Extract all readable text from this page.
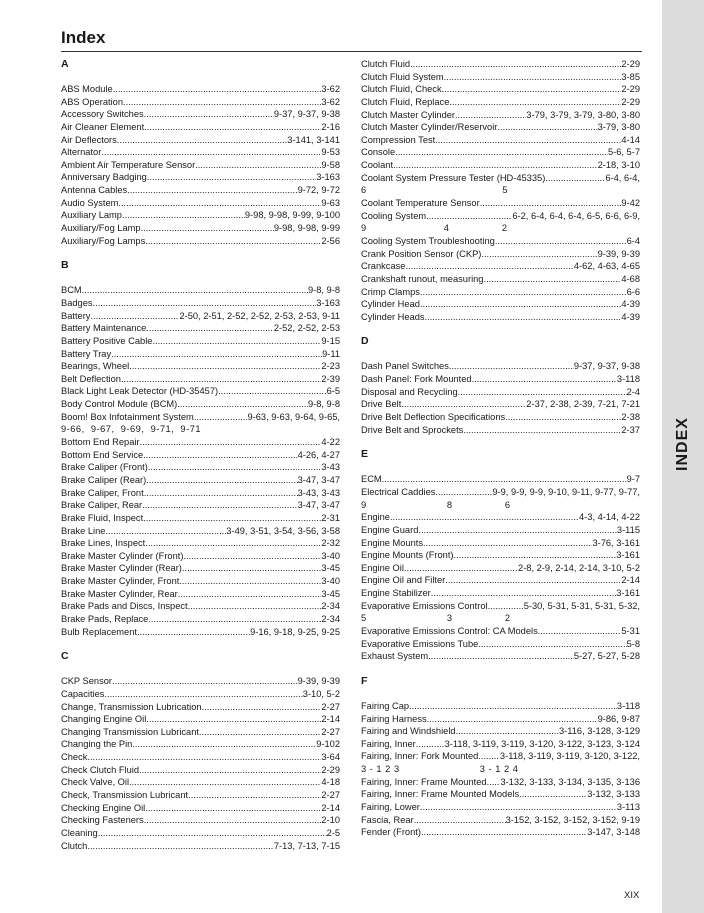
INDEX
Index
A
ABS Module .....	3-62
ABS Operation .....	3-62
Accessory Switches .....	9-37, 9-37, 9-38
Air Cleaner Element .....	2-16
Air Deflectors .....	3-141, 3-141
Alternator .....	9-53
Ambient Air Temperature Sensor .....	9-58
Anniversary Badging .....	3-163
Antenna Cables .....	9-72, 9-72
Audio System .....	9-63
Auxiliary Lamp .....	9-98, 9-98, 9-99, 9-100
Auxiliary/Fog Lamp .....	9-98, 9-98, 9-99
Auxiliary/Fog Lamps .....	2-56
B
BCM .....	9-8, 9-8
Badges .....	3-163
Battery .....	2-50, 2-51, 2-52, 2-52, 2-53, 2-53, 9-11
Battery Maintenance .....	2-52, 2-52, 2-53
Battery Positive Cable .....	9-15
Battery Tray .....	9-11
Bearings, Wheel .....	2-23
Belt Deflection .....	2-39
Black Light Leak Detector (HD-35457) .....	6-5
Body Control Module (BCM) .....	9-8, 9-8
Boom! Box Infotainment System .....	9-63, 9-63, 9-64, 9-65,
9-66,  9-67,  9-69,  9-71,  9-71
Bottom End Repair .....	4-22
Bottom End Service .....	4-26, 4-27
Brake Caliper (Front) .....	3-43
Brake Caliper (Rear) .....	3-47, 3-47
Brake Caliper, Front .....	3-43, 3-43
Brake Caliper, Rear .....	3-47, 3-47
Brake Fluid, Inspect .....	2-31
Brake Line .....	3-49, 3-51, 3-54, 3-56, 3-58
Brake Lines, Inspect .....	2-32
Brake Master Cylinder (Front) .....	3-40
Brake Master Cylinder (Rear) .....	3-45
Brake Master Cylinder, Front .....	3-40
Brake Master Cylinder, Rear .....	3-45
Brake Pads and Discs, Inspect .....	2-34
Brake Pads, Replace .....	2-34
Bulb Replacement .....	9-16, 9-18, 9-25, 9-25
C
CKP Sensor .....	9-39, 9-39
Capacities .....	3-10, 5-2
Change, Transmission Lubrication .....	2-27
Changing Engine Oil .....	2-14
Changing Transmission Lubricant .....	2-27
Changing the Pin .....	9-102
Check .....	3-64
Check Clutch Fluid .....	2-29
Check Valve, Oil .....	4-18
Check, Transmission Lubricant .....	2-27
Checking Engine Oil .....	2-14
Checking Fasteners .....	2-10
Cleaning .....	2-5
Clutch .....	7-13, 7-13, 7-15
Clutch Fluid .....	2-29
Clutch Fluid System .....	3-85
Clutch Fluid, Check .....	2-29
Clutch Fluid, Replace .....	2-29
Clutch Master Cylinder .....	3-79, 3-79, 3-79, 3-80, 3-80
Clutch Master Cylinder/Reservoir .....	3-79, 3-80
Compression Test .....	4-14
Console .....	5-6, 5-7
Coolant .....	2-18, 3-10
Coolant System Pressure Tester (HD-45335) .....	6-4, 6-4,
6                                            5
Coolant Temperature Sensor .....	9-42
Cooling System .....	6-2, 6-4, 6-4, 6-4, 6-5, 6-6, 6-9,
9                         4                 2
Cooling System Troubleshooting .....	6-4
Crank Position Sensor (CKP) .....	9-39, 9-39
Crankcase .....	4-62, 4-63, 4-65
Crankshaft runout, measuring .....	4-68
Crimp Clamps .....	6-6
Cylinder Head .....	4-39
Cylinder Heads .....	4-39
D
Dash Panel Switches .....	9-37, 9-37, 9-38
Dash Panel: Fork Mounted .....	3-118
Disposal and Recycling .....	2-4
Drive Belt .....	2-37, 2-38, 2-39, 7-21, 7-21
Drive Belt Deflection Specifications .....	2-38
Drive Belt and Sprockets .....	2-37
E
ECM .....	9-7
Electrical Caddies .....	9-9, 9-9, 9-9, 9-10, 9-11, 9-77, 9-77,
9                          8                 6
Engine .....	4-3, 4-14, 4-22
Engine Guard .....	3-115
Engine Mounts .....	3-76, 3-161
Engine Mounts (Front) .....	3-161
Engine Oil .....	2-8, 2-9, 2-14, 2-14, 3-10, 5-2
Engine Oil and Filter .....	2-14
Engine Stabilizer .....	3-161
Evaporative Emissions Control .....	5-30, 5-31, 5-31, 5-31, 5-32,
5                          3                 2
Evaporative Emissions Control: CA Models .....	5-31
Evaporative Emissions Tube .....	5-8
Exhaust System .....	5-27, 5-27, 5-28
F
Fairing Cap .....	3-118
Fairing Harness .....	9-86, 9-87
Fairing and Windshield .....	3-116, 3-128, 3-129
Fairing, Inner .....	3-118, 3-119, 3-119, 3-120, 3-122, 3-123, 3-124
Fairing, Inner: Fork Mounted ..... 3-118, 3-119, 3-119, 3-120, 3-122,
3 - 1 2 3                          3 - 1 2 4
Fairing, Inner: Frame Mounted ..... 3-132, 3-133, 3-134, 3-135, 3-136
Fairing, Inner: Frame Mounted Models .....	3-132, 3-133
Fairing, Lower .....	3-113
Fascia, Rear .....	3-152, 3-152, 3-152, 3-152, 9-19
Fender (Front) .....	3-147, 3-148
XIX
